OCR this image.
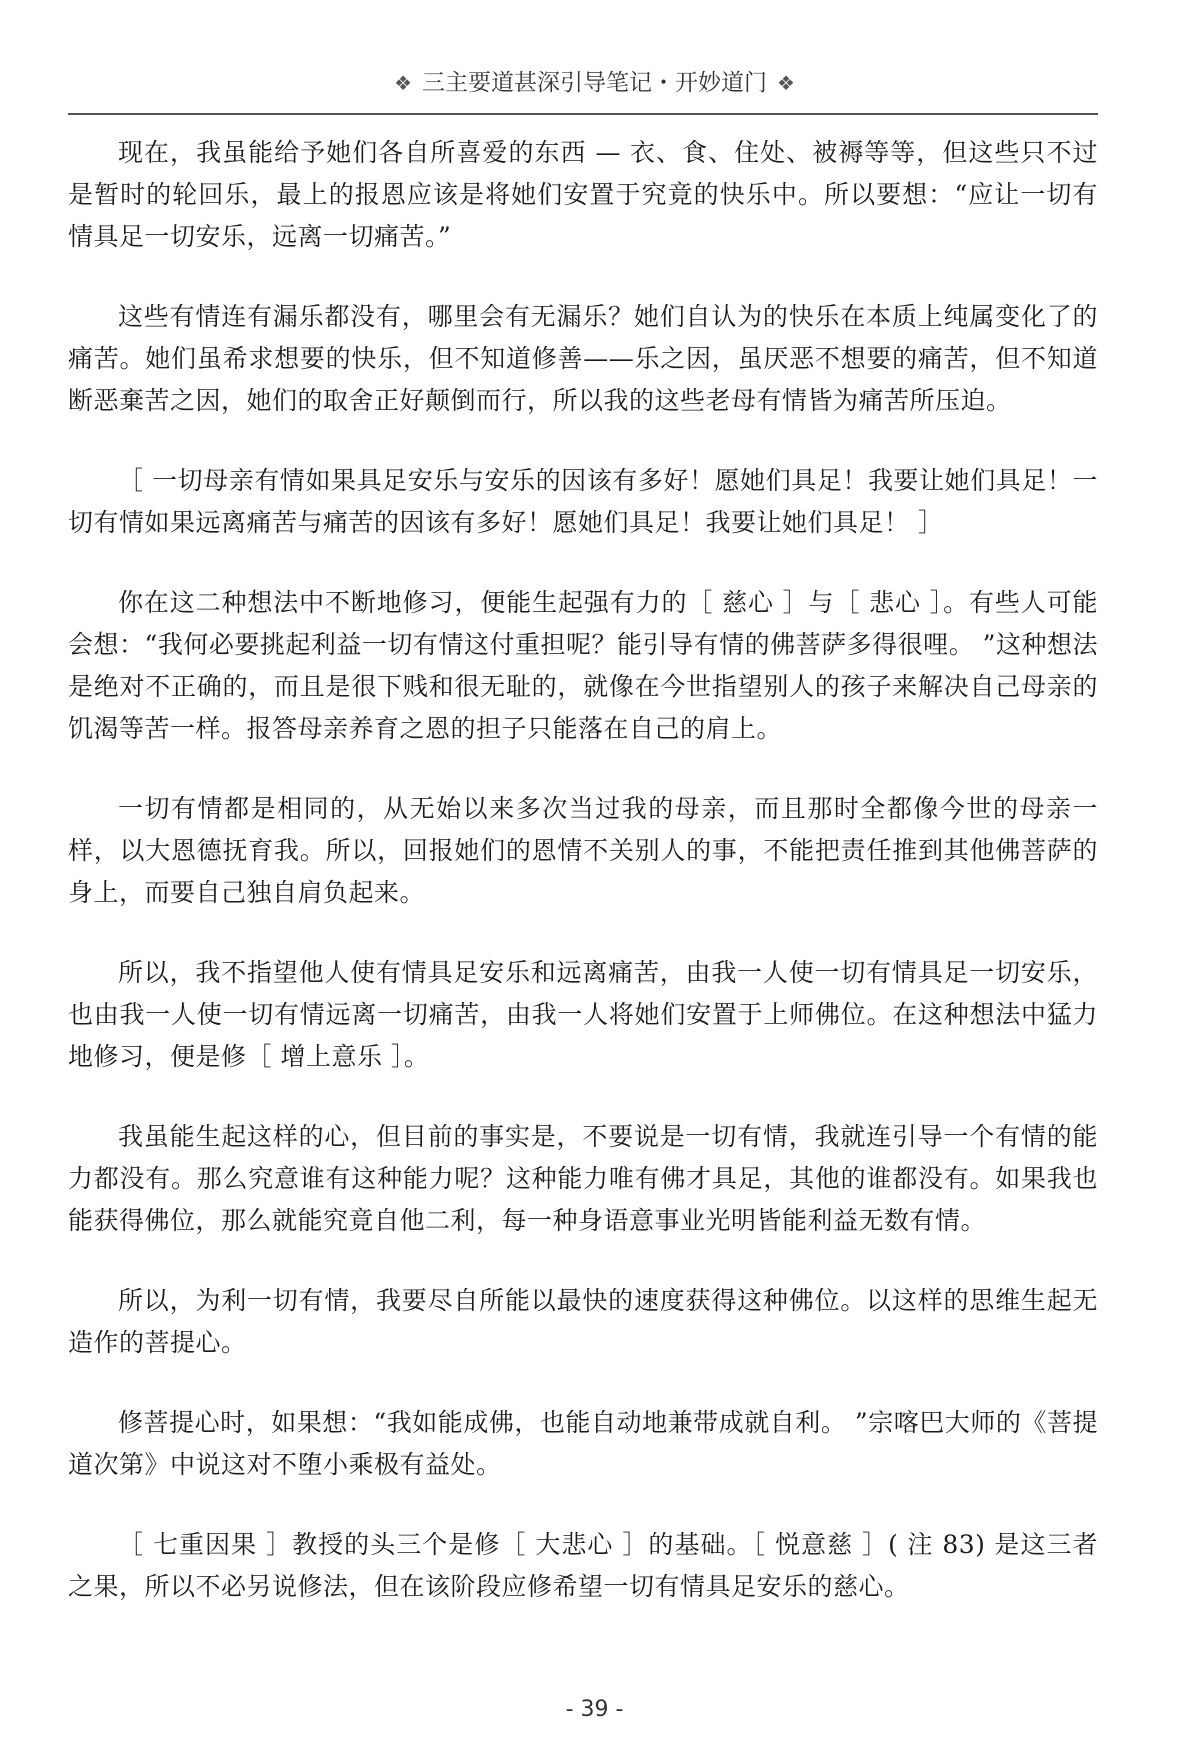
❖ 三主要道甚深引导笔记・开妙道门 ❖

现在，我虽能给予她们各自所喜爱的东西 — 衣、食、住处、被褥等等，但这些只不过是暂时的轮回乐，最上的报恩应该是将她们安置于究竟的快乐中。所以要想：“应让一切有情具足一切安乐，远离一切痛苦。”

这些有情连有漏乐都没有，哪里会有无漏乐？她们自认为的快乐在本质上纯属变化了的痛苦。她们虽希求想要的快乐，但不知道修善——乐之因，虽厌恶不想要的痛苦，但不知道断恶棄苦之因，她们的取舍正好颠倒而行，所以我的这些老母有情皆为痛苦所压迫。

［ 一切母亲有情如果具足安乐与安乐的因该有多好！愿她们具足！我要让她们具足！一切有情如果远离痛苦与痛苦的因该有多好！愿她们具足！我要让她们具足！ ］

你在这二种想法中不断地修习，便能生起强有力的［ 慈心 ］与［ 悲心 ］。有些人可能会想：“我何必要挑起利益一切有情这付重担呢？能引导有情的佛菩萨多得很哩。 ”这种想法是绝对不正确的，而且是很下贱和很无耻的，就像在今世指望别人的孩子来解决自己母亲的饥渴等苦一样。报答母亲养育之恩的担子只能落在自己的肩上。

一切有情都是相同的，从无始以来多次当过我的母亲，而且那时全都像今世的母亲一样，以大恩德抚育我。所以，回报她们的恩情不关别人的事，不能把责任推到其他佛菩萨的身上，而要自己独自肩负起来。

所以，我不指望他人使有情具足安乐和远离痛苦，由我一人使一切有情具足一切安乐，也由我一人使一切有情远离一切痛苦，由我一人将她们安置于上师佛位。在这种想法中猛力地修习，便是修［ 增上意乐 ］。

我虽能生起这样的心，但目前的事实是，不要说是一切有情，我就连引导一个有情的能力都没有。那么究意谁有这种能力呢？这种能力唯有佛才具足，其他的谁都没有。如果我也能获得佛位，那么就能究竟自他二利，每一种身语意事业光明皆能利益无数有情。

所以，为利一切有情，我要尽自所能以最快的速度获得这种佛位。以这样的思维生起无造作的菩提心。

修菩提心时，如果想：“我如能成佛，也能自动地兼带成就自利。 ”宗喀巴大师的《菩提道次第》中说这对不堕小乘极有益处。

［ 七重因果 ］教授的头三个是修［ 大悲心 ］的基础。［ 悦意慈 ］( 注 83) 是这三者之果，所以不必另说修法，但在该阶段应修希望一切有情具足安乐的慈心。

- 39 -
